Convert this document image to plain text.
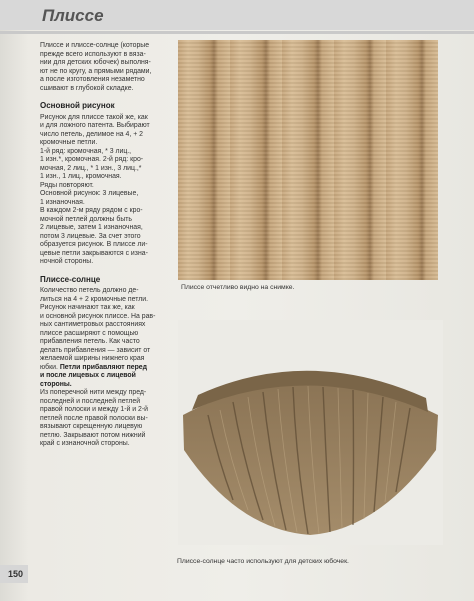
Плиссе

Плиссе и плиссе-солнце (которые

прежде всего используют в вяза-

нии для детских юбочек) выполня-

ют не по кругу, а прямыми рядами,

а после изготовления незаметно

сшивают в глубокой складке.

Основной рисунок

Рисунок для плиссе такой же, как

и для ложного патента. Выбирают

число петель, делимое на 4, + 2

кромочные петли.

1-й ряд: кромочная, * 3 лиц.,

1 изн.*, кромочная. 2-й ряд: кро-

мочная, 2 лиц., * 1 изн., 3 лиц.,*

1 изн., 1 лиц., кромочная.

Ряды повторяют.

Основной рисунок: 3 лицевые,

1 изнаночная.

В каждом 2-м ряду рядом с кро-

мочной петлей должны быть

2 лицевые, затем 1 изнаночная,

потом 3 лицевые. За счет этого

образуется рисунок. В плиссе ли-

цевые петли закрываются с изна-

ночной стороны.

Плиссе-солнце

Количество петель должно де-

литься на 4 + 2 кромочные петли.

Рисунок начинают так же, как

и основной рисунок плиссе. На рав-

ных сантиметровых расстояниях

плиссе расширяют с помощью

прибавления петель. Как часто

делать прибавления — зависит от

желаемой ширины нижнего края

юбки. Петли прибавляют перед

и после лицевых с лицевой

стороны.

Из поперечной нити между пред-

последней и последней петлей

правой полоски и между 1-й и 2-й

петлей после правой полоски вы-

вязывают скрещенную лицевую

петлю. Закрывают потом нижний

край с изнаночной стороны.

Плиссе отчетливо видно на снимке.
Плиссе-солнце часто используют для детских юбочек.
150
